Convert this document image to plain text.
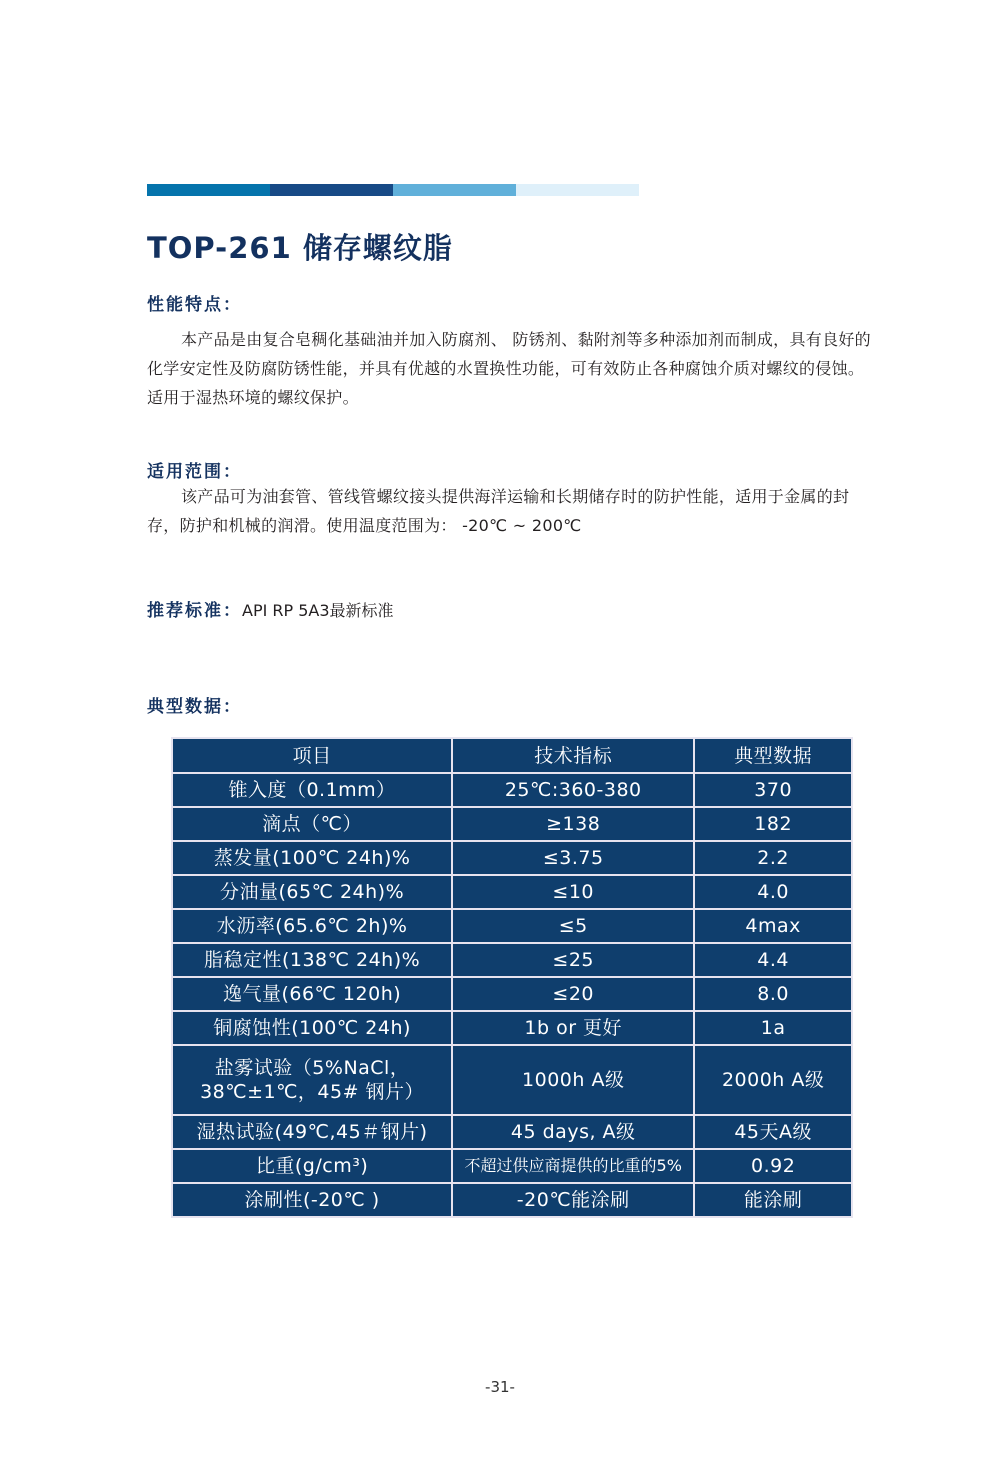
TOP-261 储存螺纹脂
性能特点：

本产品是由复合皂稠化基础油并加入防腐剂、 防锈剂、黏附剂等多种添加剂而制成，具有良好的化学安定性及防腐防锈性能，并具有优越的水置换性功能，可有效防止各种腐蚀介质对螺纹的侵蚀。适用于湿热环境的螺纹保护。

适用范围：

该产品可为油套管、管线管螺纹接头提供海洋运输和长期储存时的防护性能，适用于金属的封存，防护和机械的润滑。使用温度范围为： -20℃ ~ 200℃

推荐标准：API RP 5A3最新标准
典型数据：
项目	技术指标	典型数据
锥入度（0.1mm）	25℃:360-380	370
滴点（℃）	≥138	182
蒸发量(100℃ 24h)%	≤3.75	2.2
分油量(65℃ 24h)%	≤10	4.0
水沥率(65.6℃ 2h)%	≤5	4max
脂稳定性(138℃ 24h)%	≤25	4.4
逸气量(66℃ 120h)	≤20	8.0
铜腐蚀性(100℃ 24h)	1b or 更好	1a

盐雾试验（5%NaCl，
38℃±1℃，45# 钢片）	1000h A级	2000h A级
湿热试验(49℃,45＃钢片)	45 days, A级	45天A级
比重(g/cm³)	不超过供应商提供的比重的5%	0.92
涂刷性(-20℃ )	-20℃能涂刷	能涂刷
-31-
